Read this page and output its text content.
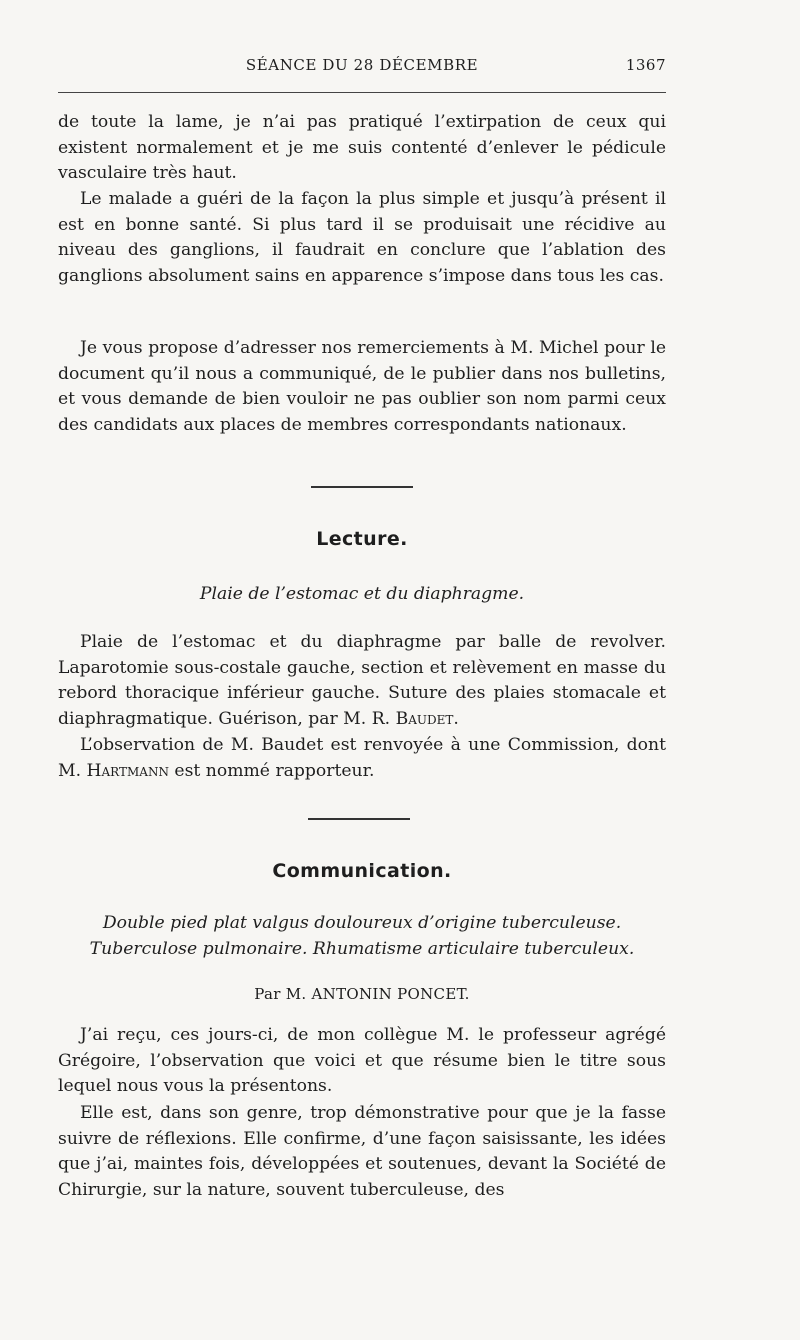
SÉANCE DU 28 DÉCEMBRE	1367

de toute la lame, je n’ai pas pratiqué l’extirpation de ceux qui existent normalement et je me suis contenté d’enlever le pédicule vasculaire très haut.

Le malade a guéri de la façon la plus simple et jusqu’à présent il est en bonne santé. Si plus tard il se produisait une récidive au niveau des ganglions, il faudrait en conclure que l’ablation des ganglions absolument sains en apparence s’impose dans tous les cas.

Je vous propose d’adresser nos remerciements à M. Michel pour le document qu’il nous a communiqué, de le publier dans nos bulletins, et vous demande de bien vouloir ne pas oublier son nom parmi ceux des candidats aux places de membres correspondants nationaux.

Lecture.

Plaie de l’estomac et du diaphragme.

Plaie de l’estomac et du diaphragme par balle de revolver. Laparotomie sous-costale gauche, section et relèvement en masse du rebord thoracique inférieur gauche. Suture des plaies stomacale et diaphragmatique. Guérison, par M. R. Baudet.

L’observation de M. Baudet est renvoyée à une Commission, dont M. Hartmann est nommé rapporteur.

Communication.

Double pied plat valgus douloureux d’origine tuberculeuse.

Tuberculose pulmonaire. Rhumatisme articulaire tuberculeux.

Par M. ANTONIN PONCET.

J’ai reçu, ces jours-ci, de mon collègue M. le professeur agrégé Grégoire, l’observation que voici et que résume bien le titre sous lequel nous vous la présentons.

Elle est, dans son genre, trop démonstrative pour que je la fasse suivre de réflexions. Elle confirme, d’une façon saisissante, les idées que j’ai, maintes fois, développées et soutenues, devant la Société de Chirurgie, sur la nature, souvent tuberculeuse, des
